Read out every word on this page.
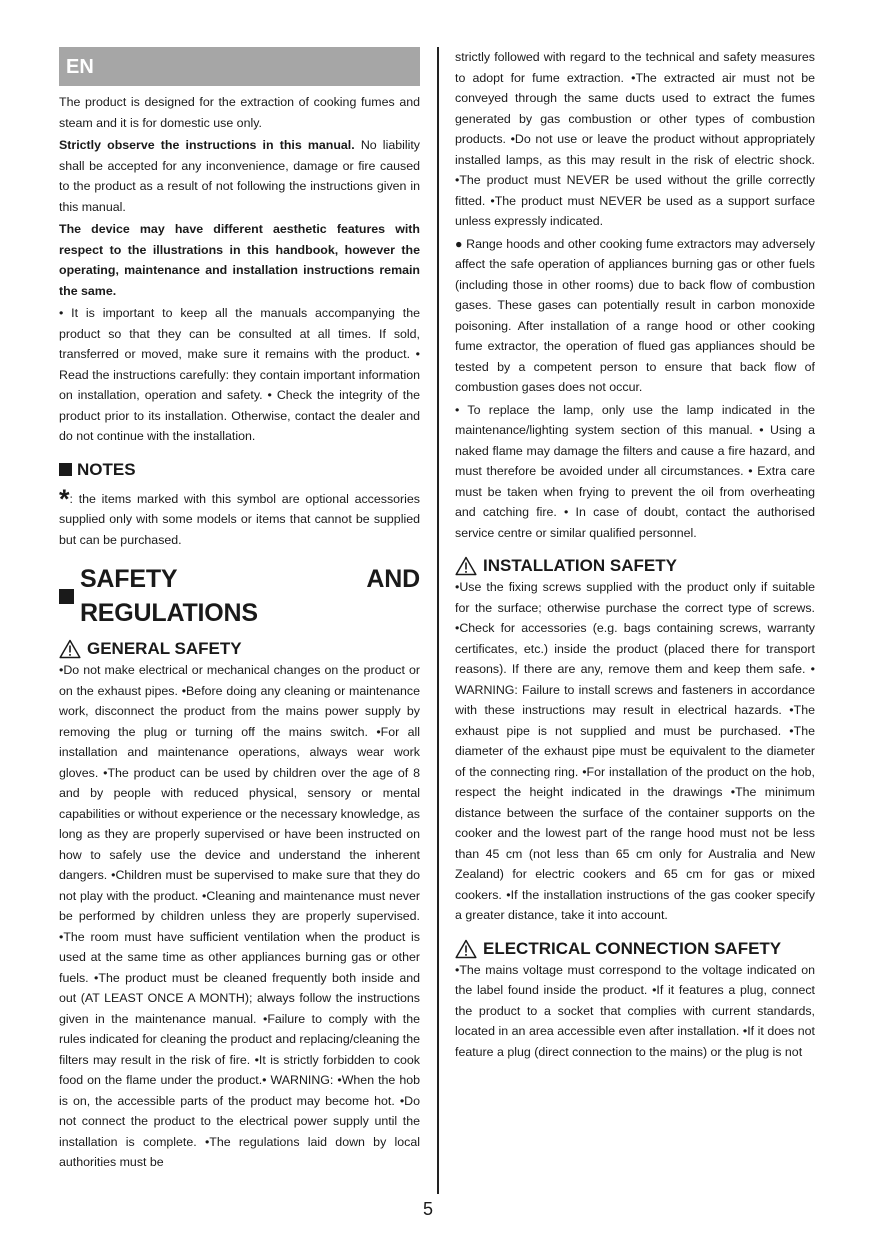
EN

The product is designed for the extraction of cooking fumes and steam and it is for domestic use only.

Strictly observe the instructions in this manual. No liability shall be accepted for any inconvenience, damage or fire caused to the product as a result of not following the instructions given in this manual.

The device may have different aesthetic features with respect to the illustrations in this handbook, however the operating, maintenance and installation instructions remain the same.

• It is important to keep all the manuals accompanying the product so that they can be consulted at all times. If sold, transferred or moved, make sure it remains with the product. • Read the instructions carefully: they contain important information on installation, operation and safety. • Check the integrity of the product prior to its installation. Otherwise, contact the dealer and do not continue with the installation.

NOTES

*: the items marked with this symbol are optional accessories supplied only with some models or items that cannot be supplied but can be purchased.

SAFETY AND REGULATIONS
GENERAL SAFETY

•Do not make electrical or mechanical changes on the product or on the exhaust pipes. •Before doing any cleaning or maintenance work, disconnect the product from the mains power supply by removing the plug or turning off the mains switch. •For all installation and maintenance operations, always wear work gloves. •The product can be used by children over the age of 8 and by people with reduced physical, sensory or mental capabilities or without experience or the necessary knowledge, as long as they are properly supervised or have been instructed on how to safely use the device and understand the inherent dangers. •Children must be supervised to make sure that they do not play with the product. •Cleaning and maintenance must never be performed by children unless they are properly supervised. •The room must have sufficient ventilation when the product is used at the same time as other appliances burning gas or other fuels. •The product must be cleaned frequently both inside and out (AT LEAST ONCE A MONTH); always follow the instructions given in the maintenance manual. •Failure to comply with the rules indicated for cleaning the product and replacing/cleaning the filters may result in the risk of fire. •It is strictly forbidden to cook food on the flame under the product.• WARNING: •When the hob is on, the accessible parts of the product may become hot. •Do not connect the product to the electrical power supply until the installation is complete. •The regulations laid down by local authorities must be

strictly followed with regard to the technical and safety measures to adopt for fume extraction. •The extracted air must not be conveyed through the same ducts used to extract the fumes generated by gas combustion or other types of combustion products. •Do not use or leave the product without appropriately installed lamps, as this may result in the risk of electric shock. •The product must NEVER be used without the grille correctly fitted. •The product must NEVER be used as a support surface unless expressly indicated.

● Range hoods and other cooking fume extractors may adversely affect the safe operation of appliances burning gas or other fuels (including those in other rooms) due to back flow of combustion gases. These gases can potentially result in carbon monoxide poisoning. After installation of a range hood or other cooking fume extractor, the operation of flued gas appliances should be tested by a competent person to ensure that back flow of combustion gases does not occur.

• To replace the lamp, only use the lamp indicated in the maintenance/lighting system section of this manual. • Using a naked flame may damage the filters and cause a fire hazard, and must therefore be avoided under all circumstances. • Extra care must be taken when frying to prevent the oil from overheating and catching fire. • In case of doubt, contact the authorised service centre or similar qualified personnel.

INSTALLATION SAFETY

•Use the fixing screws supplied with the product only if suitable for the surface; otherwise purchase the correct type of screws. •Check for accessories (e.g. bags containing screws, warranty certificates, etc.) inside the product (placed there for transport reasons). If there are any, remove them and keep them safe. • WARNING: Failure to install screws and fasteners in accordance with these instructions may result in electrical hazards. •The exhaust pipe is not supplied and must be purchased. •The diameter of the exhaust pipe must be equivalent to the diameter of the connecting ring. •For installation of the product on the hob, respect the height indicated in the drawings •The minimum distance between the surface of the container supports on the cooker and the lowest part of the range hood must not be less than 45 cm (not less than 65 cm only for Australia and New Zealand) for electric cookers and 65 cm for gas or mixed cookers. •If the installation instructions of the gas cooker specify a greater distance, take it into account.

ELECTRICAL CONNECTION SAFETY

•The mains voltage must correspond to the voltage indicated on the label found inside the product. •If it features a plug, connect the product to a socket that complies with current standards, located in an area accessible even after installation. •If it does not feature a plug (direct connection to the mains) or the plug is not

5
